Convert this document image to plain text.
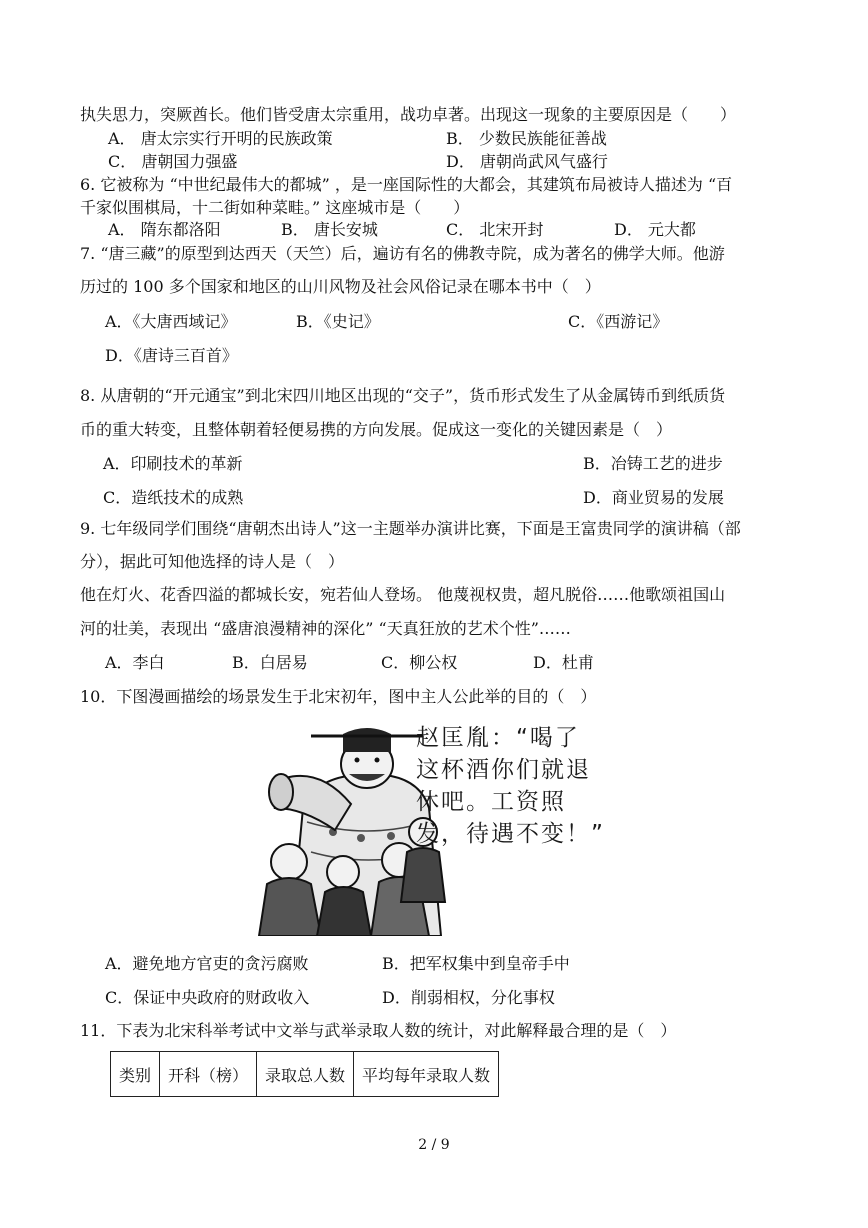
执失思力，突厥酋长。他们皆受唐太宗重用，战功卓著。出现这一现象的主要原因是（　　）
A． 唐太宗实行开明的民族政策	B． 少数民族能征善战
C． 唐朝国力强盛	D． 唐朝尚武风气盛行
6. 它被称为 “中世纪最伟大的都城” ，是一座国际性的大都会，其建筑布局被诗人描述为 “百
千家似围棋局，十二街如种菜畦。” 这座城市是（　　）
A． 隋东都洛阳	B． 唐长安城	C． 北宋开封	D． 元大都
7. “唐三藏”的原型到达西天（天竺）后，遍访有名的佛教寺院，成为著名的佛学大师。他游
历过的 100 多个国家和地区的山川风物及社会风俗记录在哪本书中（　）
A．《大唐西域记》	B．《史记》	C．《西游记》
D．《唐诗三百首》
8. 从唐朝的“开元通宝”到北宋四川地区出现的“交子”，货币形式发生了从金属铸币到纸质货
币的重大转变，且整体朝着轻便易携的方向发展。促成这一变化的关键因素是（　）
A．印刷技术的革新	B．冶铸工艺的进步
C．造纸技术的成熟	D．商业贸易的发展
9. 七年级同学们围绕“唐朝杰出诗人”这一主题举办演讲比赛，下面是王富贵同学的演讲稿（部
分），据此可知他选择的诗人是（　）
他在灯火、花香四溢的都城长安，宛若仙人登场。 他蔑视权贵，超凡脱俗……他歌颂祖国山
河的壮美，表现出 “盛唐浪漫精神的深化” “天真狂放的艺术个性”……
A．李白	B．白居易	C．柳公权	D．杜甫
10．下图漫画描绘的场景发生于北宋初年，图中主人公此举的目的（　）
赵匡胤：“喝了
这杯酒你们就退
休吧。工资照
发，待遇不变！”
A．避免地方官吏的贪污腐败	B．把军权集中到皇帝手中
C．保证中央政府的财政收入	D．削弱相权，分化事权
11．下表为北宋科举考试中文举与武举录取人数的统计，对此解释最合理的是（　）
类别	开科（榜）	录取总人数	平均每年录取人数
2 / 9
